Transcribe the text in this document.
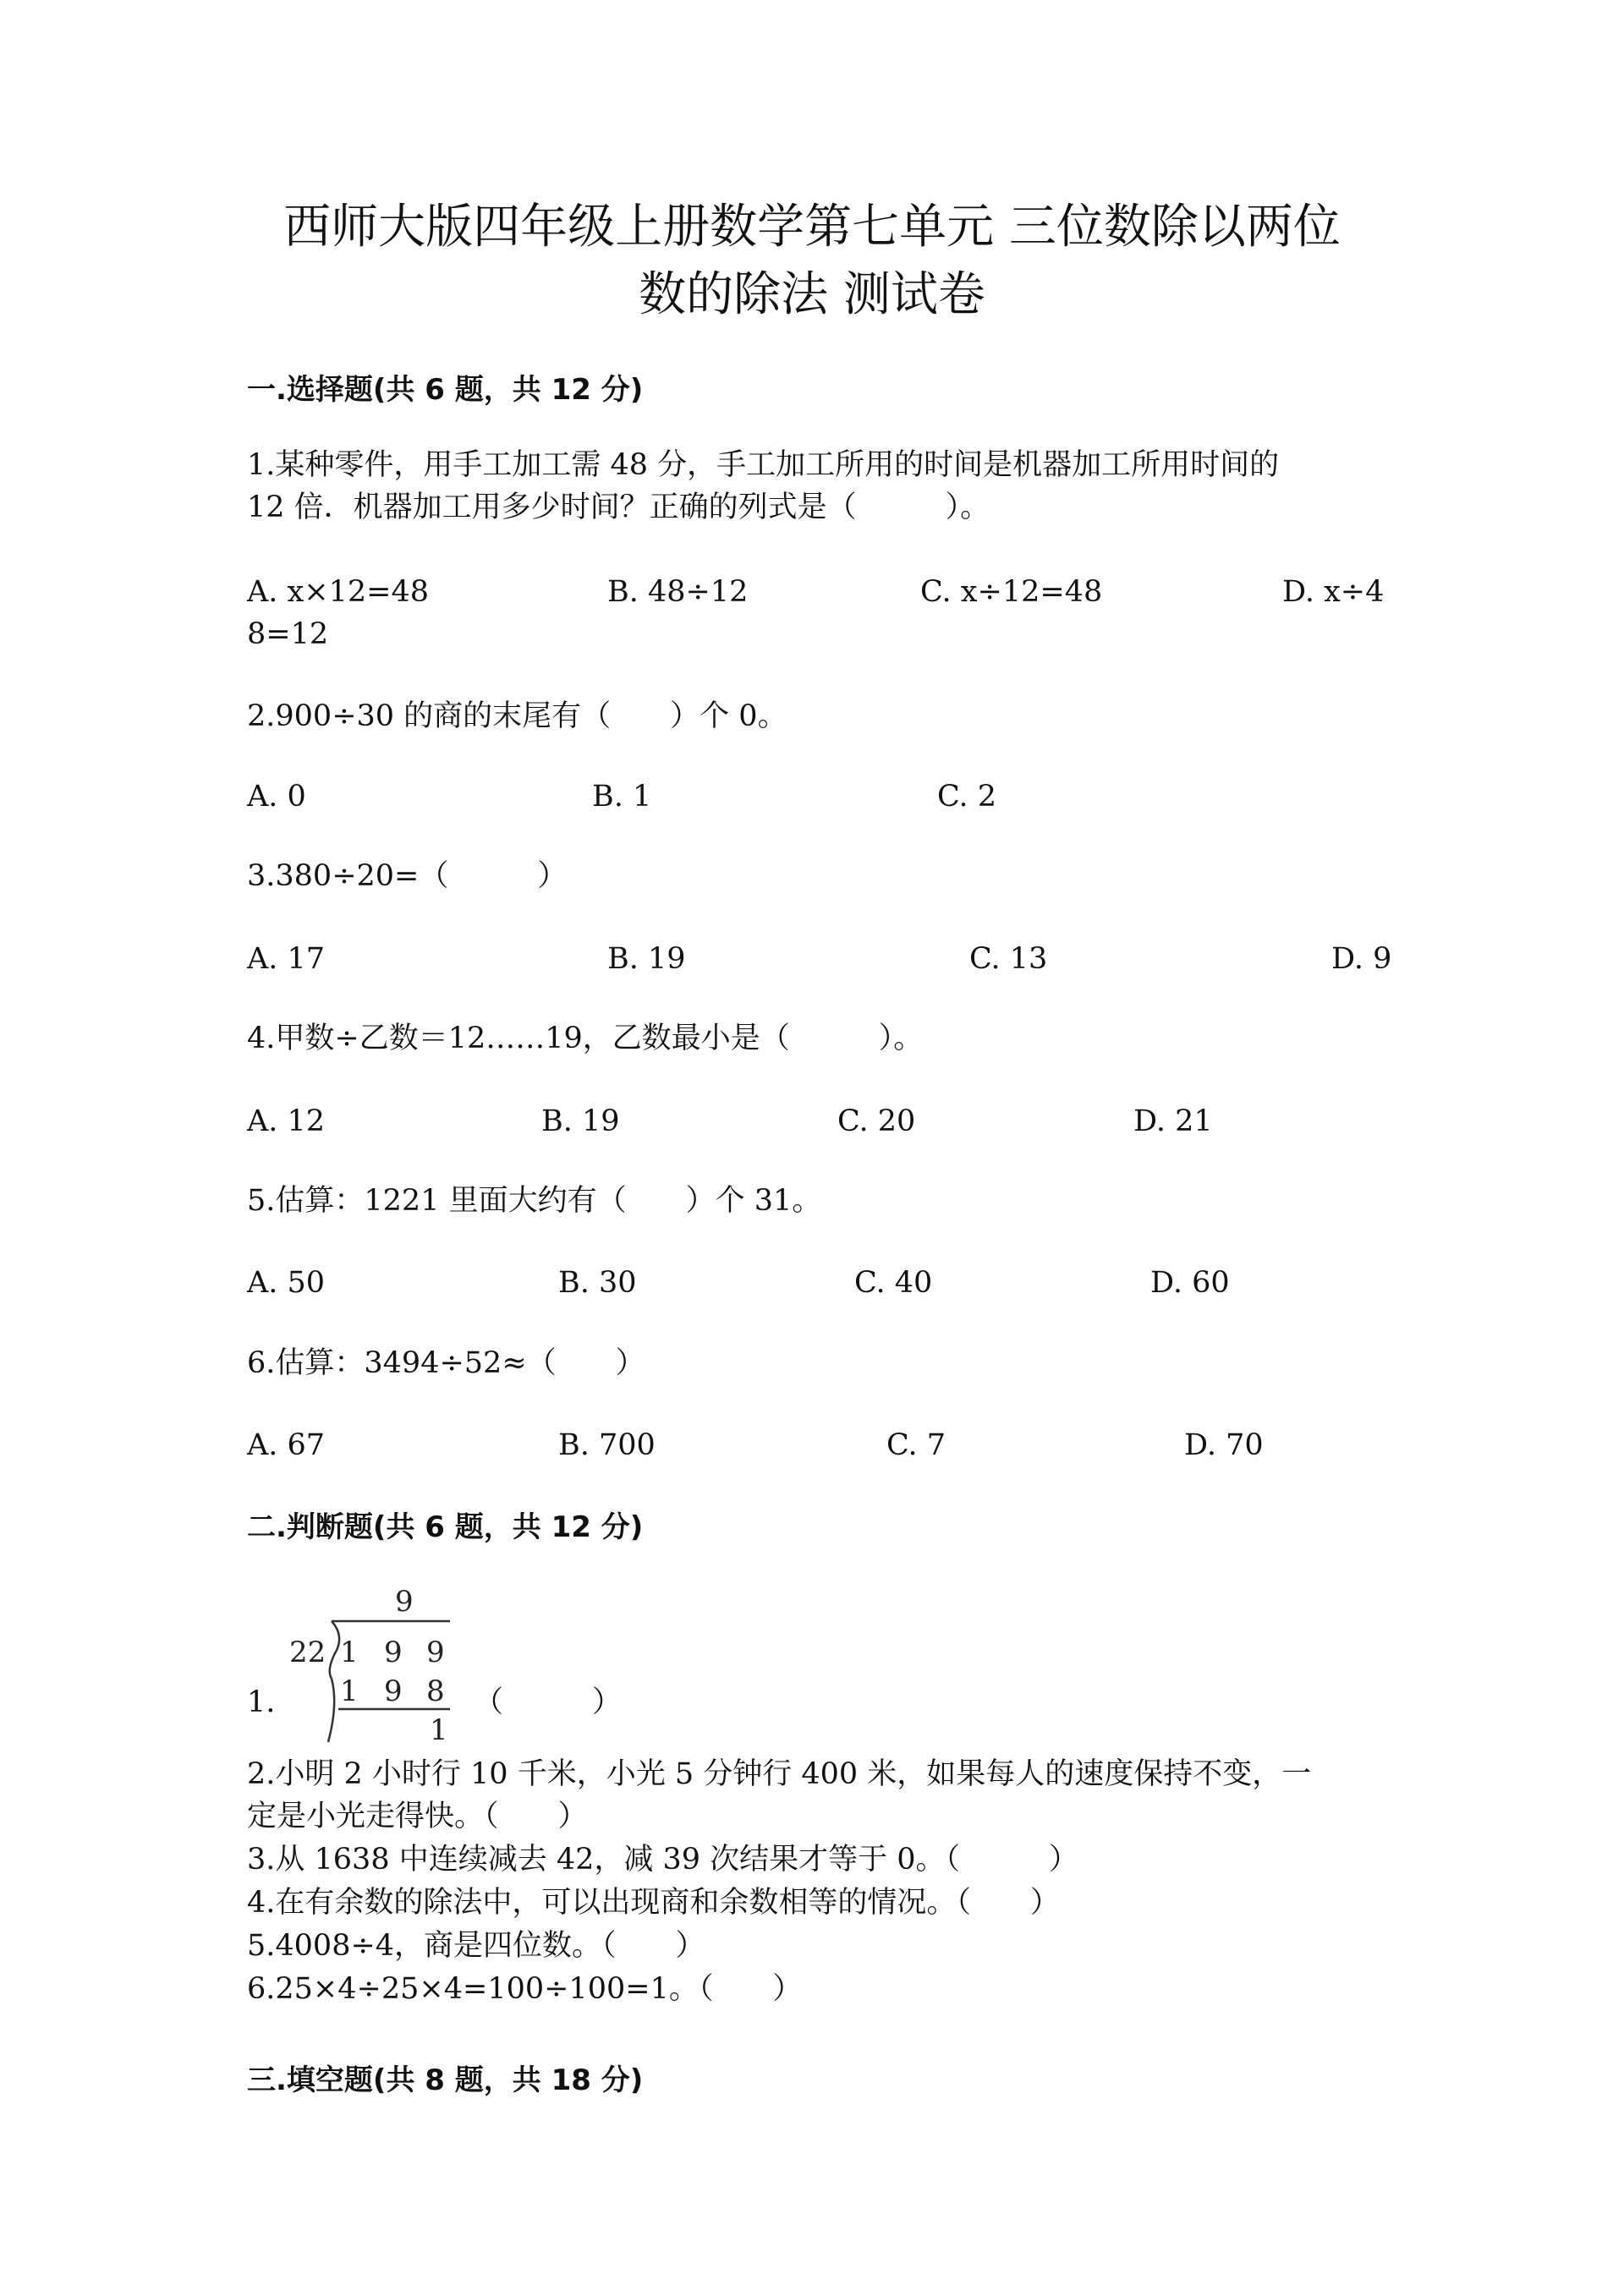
西师大版四年级上册数学第七单元 三位数除以两位
数的除法 测试卷
一.选择题(共 6 题，共 12 分)
1.某种零件，用手工加工需 48 分，手工加工所用的时间是机器加工所用时间的
12 倍．机器加工用多少时间？正确的列式是（　　　）。
A. x×12=48	B. 48÷12	C. x÷12=48	D. x÷4
8=12
2.900÷30 的商的末尾有（　　）个 0。
A. 0	B. 1	C. 2
3.380÷20=（　　　）
A. 17	B. 19	C. 13	D. 9
4.甲数÷乙数＝12……19，乙数最小是（　　　）。
A. 12	B. 19	C. 20	D. 21
5.估算：1221 里面大约有（　　）个 31。
A. 50	B. 30	C. 40	D. 60
6.估算：3494÷52≈（　　）
A. 67	B. 700	C. 7	D. 70
二.判断题(共 6 题，共 12 分)
1.
9
22 1 9 9
1 9 8
1
（　　　）
2.小明 2 小时行 10 千米，小光 5 分钟行 400 米，如果每人的速度保持不变，一
定是小光走得快。（　　）
3.从 1638 中连续减去 42，减 39 次结果才等于 0。（　　　）
4.在有余数的除法中，可以出现商和余数相等的情况。（　　）
5.4008÷4，商是四位数。（　　）
6.25×4÷25×4=100÷100=1。（　　）
三.填空题(共 8 题，共 18 分)
